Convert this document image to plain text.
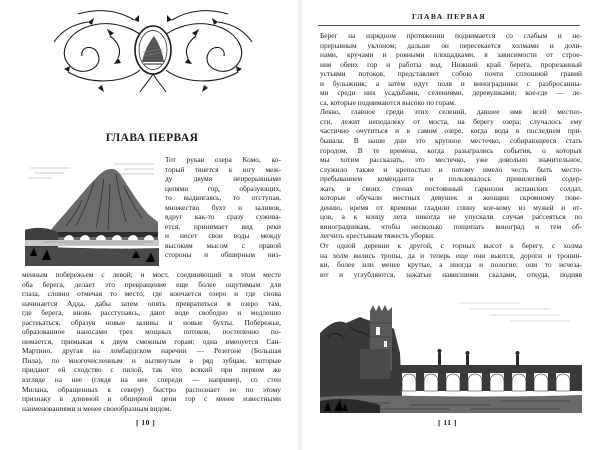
ГЛАВА ПЕРВАЯ
Тот рукав озера Комо, ко-
торый тянется к югу меж-
ду двумя непрерывными
цепями гор, образующих,
то выдвигаясь, то отступая,
множество бухт и заливов,
вдруг как-то сразу сужива-
ется, принимает вид реки
и несет свои воды между
высоким мысом с правой
стороны и обширным низ-
менным побережьем с левой; и мост, соединяющий в этом месте
оба берега, делает это превращение еще более ощутимым для
глаза, словно отмечая то место, где кончается озеро и где снова
начинается Адда, дабы затем опять превратиться в озеро там,
где берега, вновь расступаясь, дают воде свободно и медленно
растекаться, образуя новые заливы и новые бухты. Побережье,
образованное наносами трех мощных потоков, постепенно по-
нимается, примыкая к двум смежным горам: одна именуется Сан-
Мартино, другая на ломбардском наречии — Резегоне (Большая
Пила), по многочисленным и вытянутым в ряд зубцам, которые
придают ей сходство с пилой, так что всякий при первом же
взгляде на нее (глядя на нее спереди — например, со стен
Милана, обращенных к северу) быстро распознает ее по этому
признаку в длинной и обширной цепи гор с менее известными
наименованиями и менее своеобразным видом.
[ 10 ]
ГЛАВА ПЕРВАЯ
Берег на изрядном протяжении поднимается со слабым и не-
прерывным уклоном; дальше он пересекается холмами и доли-
нами, кручами и ровными площадками, в зависимости от строе-
ния обеих гор и работы вод. Нижний край берега, прорезанный
устьями потоков, представляет собою почти сплошной гравий
и булыжник; а затем идут поля и виноградники с разбросанны-
ми среди них усадьбами, селениями, деревушками; кое-где — ле-
са, которые поднимаются высоко по горам.
Лекко, главное среди этих селений, давшее имя всей местно-
сти, лежит неподалеку от моста, на берегу озера; случалось ему
частично очутиться и в самом озере, когда вода в последнем при-
бывала. В наши дни это крупное местечко, собирающееся стать
городом. В те времена, когда разыгрались события, о которых
мы хотим рассказать, это местечко, уже довольно значительное,
служило также и крепостью и потому имело честь быть место-
пребыванием коменданта и пользовалось привилегией содер-
жать в своих стенах постоянный гарнизон испанских солдат,
которые обучали местных девушек и женщин скромному пове-
дению, время от времени гладили спину кое-кому из мужей и от-
цов, а к концу лета никогда не упускали случая рассеяться по
виноградникам, чтобы несколько пощипать виноград и тем об-
легчить крестьянам тяжесть уборки.
От одной деревни к другой, с горных высот к берегу, с холма
на холм вились тропы, да и теперь еще они вьются, дороги и тропин-
ки, более или менее крутые, а иногда и пологие; они то исчеза-
ют и углубляются, зажатые нависшими скалами, откуда, подняв
[ 11 ]
